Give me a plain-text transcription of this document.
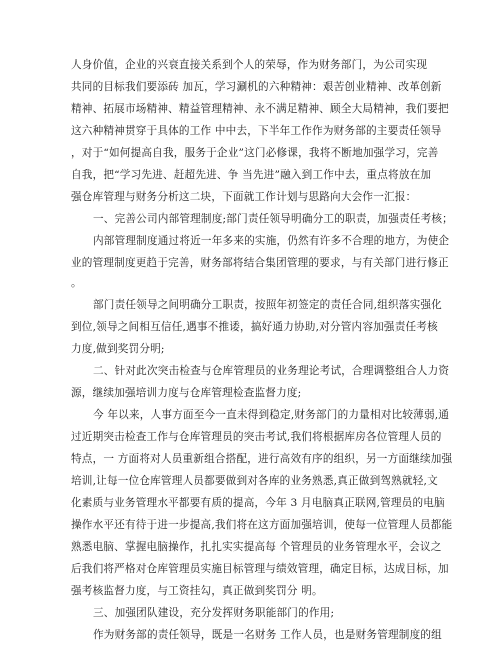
人身价值，企业的兴衰直接关系到个人的荣辱，作为财务部门，为公司实现
共同的目标我们要添砖 加瓦，学习涮机的六种精神：艰苦创业精神、改革创新
精神、拓展市场精神、精益管理精神、永不满足精神、顾全大局精神，我们要把
这六种精神贯穿于具体的工作 中中去，下半年工作作为财务部的主要责任领导
，对于“如何提高自我，服务于企业”这门必修课，我将不断地加强学习，完善
自我，把“学习先进、赶超先进、争 当先进”融入到工作中去，重点将放在加
强仓库管理与财务分析这二块，下面就工作计划与思路向大会作一汇报：
一、完善公司内部管理制度;部门责任领导明确分工的职责，加强责任考核；
内部管理制度通过将近一年多来的实施，仍然有许多不合理的地方，为使企
业的管理制度更趋于完善，财务部将结合集团管理的要求，与有关部门进行修正
。
部门责任领导之间明确分工职责，按照年初签定的责任合同,组织落实强化
到位,领导之间相互信任,遇事不推诿，搞好通力协助,对分管内容加强责任考核
力度,做到奖罚分明;
二、针对此次突击检查与仓库管理员的业务理论考试，合理调整组合人力资
源，继续加强培训力度与仓库管理检查监督力度;
今 年以来，人事方面至今一直未得到稳定,财务部门的力量相对比较薄弱,通
过近期突击检查工作与仓库管理员的突击考试,我们将根据库房各位管理人员的
特点，一 方面将对人员重新组合搭配，进行高效有序的组织，另一方面继续加强
培训,让每一位仓库管理人员都要做到对各库的业务熟悉,真正做到驾熟就轻,文
化素质与业务管理水平都要有质的提高，今年 3 月电脑真正联网,管理员的电脑
操作水平还有待于进一步提高,我们将在这方面加强培训，使每一位管理人员都能
熟悉电脑、掌握电脑操作，扎扎实实提高每 个管理员的业务管理水平，会议之
后我们将严格对仓库管理员实施目标管理与绩效管理，确定目标，达成目标，加
强考核监督力度，与工资挂勾，真正做到奖罚分 明。
三、加强团队建设，充分发挥财务职能部门的作用;
作为财务部的责任领导，既是一名财务 工作人员，也是财务管理制度的组
